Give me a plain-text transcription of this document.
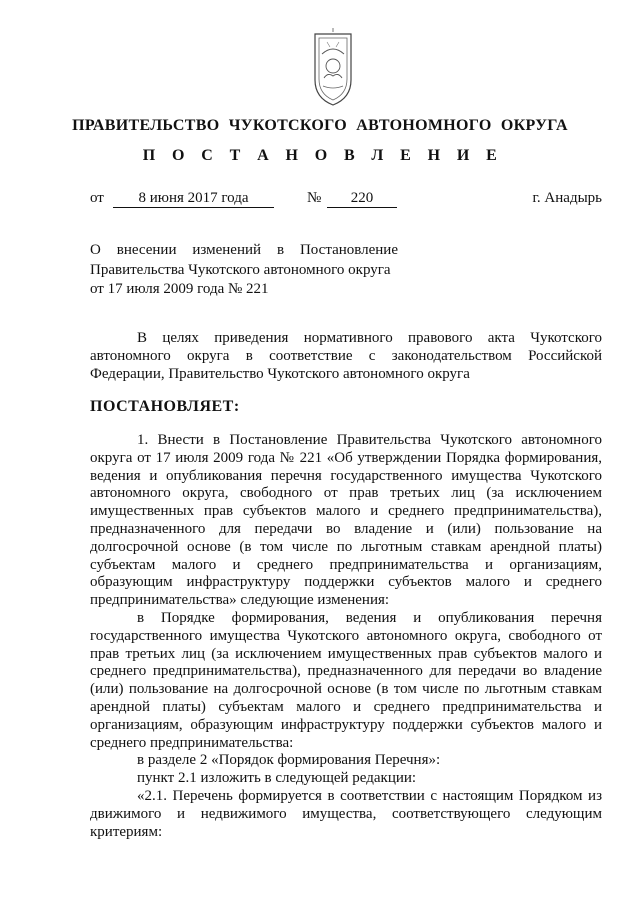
ПРАВИТЕЛЬСТВО ЧУКОТСКОГО АВТОНОМНОГО ОКРУГА
П О С Т А Н О В Л Е Н И Е
от	8 июня 2017 года	№	220	г. Анадырь
О внесении изменений в Постановление
Правительства Чукотского автономного округа
от 17 июля 2009 года № 221
В целях приведения нормативного правового акта Чукотского автономного округа в соответствие с законодательством Российской Федерации, Правительство Чукотского автономного округа
ПОСТАНОВЛЯЕТ:

1. Внести в Постановление Правительства Чукотского автономного округа от 17 июля 2009 года № 221 «Об утверждении Порядка формирования, ведения и опубликования перечня государственного имущества Чукотского автономного округа, свободного от прав третьих лиц (за исключением имущественных прав субъектов малого и среднего предпринимательства), предназначенного для передачи во владение и (или) пользование на долгосрочной основе (в том числе по льготным ставкам арендной платы) субъектам малого и среднего предпринимательства и организациям, образующим инфраструктуру поддержки субъектов малого и среднего предпринимательства» следующие изменения:

в Порядке формирования, ведения и опубликования перечня государственного имущества Чукотского автономного округа, свободного от прав третьих лиц (за исключением имущественных прав субъектов малого и среднего предпринимательства), предназначенного для передачи во владение (или) пользование на долгосрочной основе (в том числе по льготным ставкам арендной платы) субъектам малого и среднего предпринимательства и организациям, образующим инфраструктуру поддержки субъектов малого и среднего предпринимательства:

в разделе 2 «Порядок формирования Перечня»:

пункт 2.1 изложить в следующей редакции:

«2.1. Перечень формируется в соответствии с настоящим Порядком из движимого и недвижимого имущества, соответствующего следующим критериям:
